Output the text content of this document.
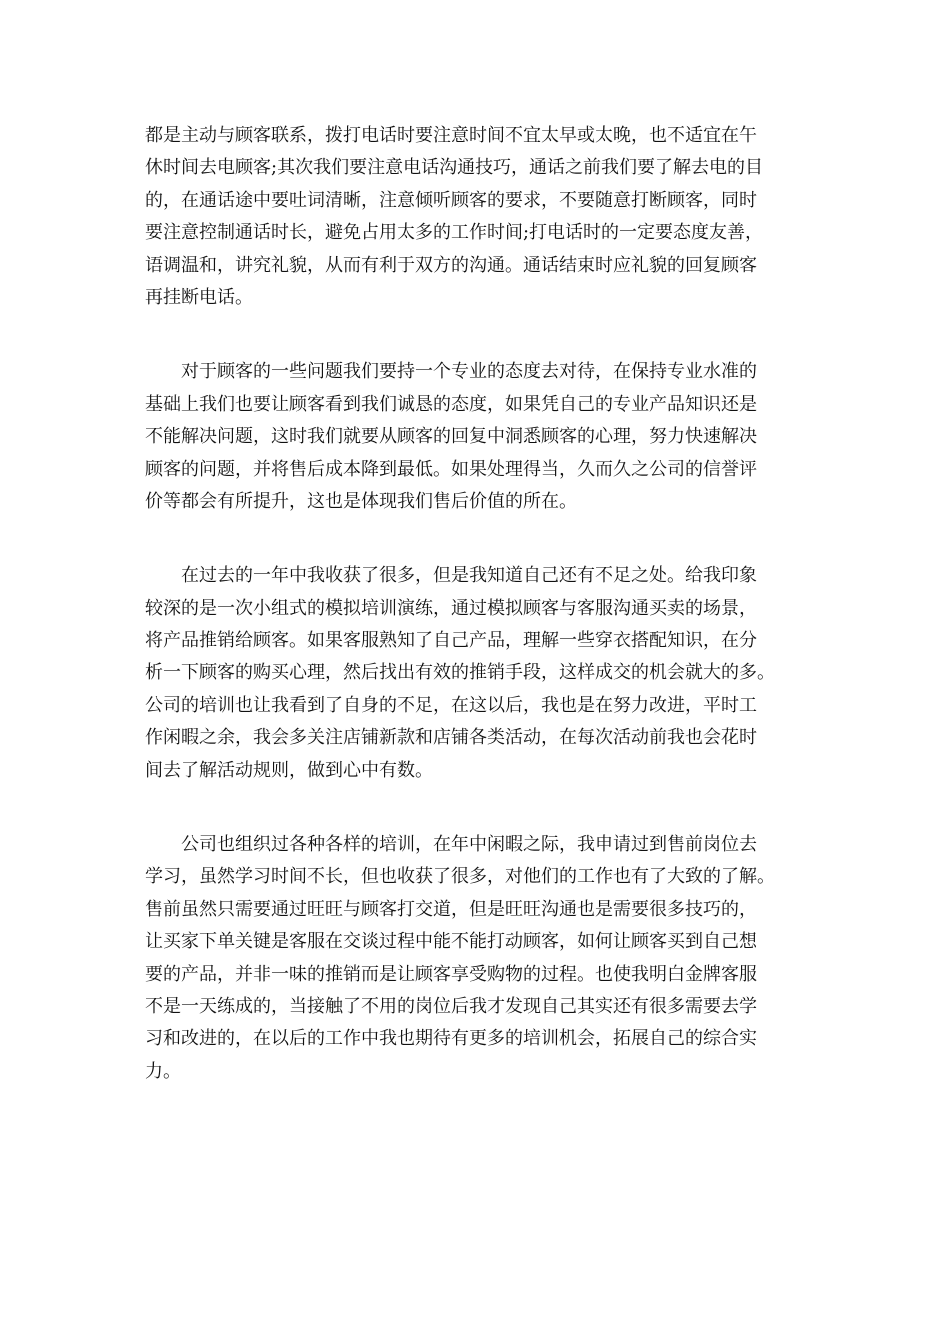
都是主动与顾客联系，拨打电话时要注意时间不宜太早或太晚，也不适宜在午
休时间去电顾客;其次我们要注意电话沟通技巧，通话之前我们要了解去电的目
的，在通话途中要吐词清晰，注意倾听顾客的要求，不要随意打断顾客，同时
要注意控制通话时长，避免占用太多的工作时间;打电话时的一定要态度友善，
语调温和，讲究礼貌，从而有利于双方的沟通。通话结束时应礼貌的回复顾客
再挂断电话。

　　对于顾客的一些问题我们要持一个专业的态度去对待，在保持专业水准的
基础上我们也要让顾客看到我们诚恳的态度，如果凭自己的专业产品知识还是
不能解决问题，这时我们就要从顾客的回复中洞悉顾客的心理，努力快速解决
顾客的问题，并将售后成本降到最低。如果处理得当，久而久之公司的信誉评
价等都会有所提升，这也是体现我们售后价值的所在。

　　在过去的一年中我收获了很多，但是我知道自己还有不足之处。给我印象
较深的是一次小组式的模拟培训演练，通过模拟顾客与客服沟通买卖的场景，
将产品推销给顾客。如果客服熟知了自己产品，理解一些穿衣搭配知识，在分
析一下顾客的购买心理，然后找出有效的推销手段，这样成交的机会就大的多。
公司的培训也让我看到了自身的不足，在这以后，我也是在努力改进，平时工
作闲暇之余，我会多关注店铺新款和店铺各类活动，在每次活动前我也会花时
间去了解活动规则，做到心中有数。

　　公司也组织过各种各样的培训，在年中闲暇之际，我申请过到售前岗位去
学习，虽然学习时间不长，但也收获了很多，对他们的工作也有了大致的了解。
售前虽然只需要通过旺旺与顾客打交道，但是旺旺沟通也是需要很多技巧的，
让买家下单关键是客服在交谈过程中能不能打动顾客，如何让顾客买到自己想
要的产品，并非一味的推销而是让顾客享受购物的过程。也使我明白金牌客服
不是一天练成的，当接触了不用的岗位后我才发现自己其实还有很多需要去学
习和改进的，在以后的工作中我也期待有更多的培训机会，拓展自己的综合实
力。
